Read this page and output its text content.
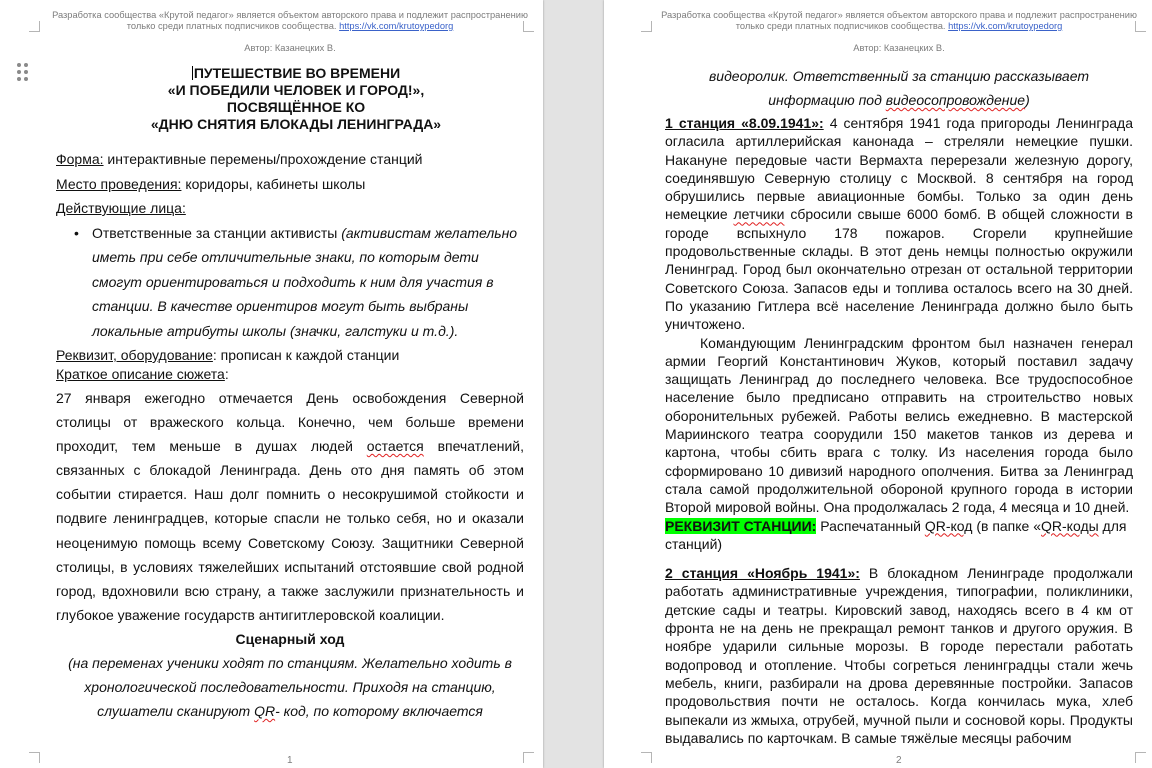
Разработка сообщества «Крутой педагог» является объектом авторского права и подлежит распространению
только среди платных подписчиков сообщества. https://vk.com/krutoypedorg
Автор: Казанецких В.
1
ПУТЕШЕСТВИЕ ВО ВРЕМЕНИ
«И ПОБЕДИЛИ ЧЕЛОВЕК И ГОРОД!»,
ПОСВЯЩЁННОЕ КО
«ДНЮ СНЯТИЯ БЛОКАДЫ ЛЕНИНГРАДА»

Форма: интерактивные перемены/прохождение станций

Место проведения: коридоры, кабинеты школы

Действующие лица:

• Ответственные за станции активисты (активистам желательно иметь при себе отличительные знаки, по которым дети смогут ориентироваться и подходить к ним для участия в станции. В качестве ориентиров могут быть выбраны локальные атрибуты школы (значки, галстуки и т.д.).

Реквизит, оборудование: прописан к каждой станции

Краткое описание сюжета:

27 января ежегодно отмечается День освобождения Северной столицы от вражеского кольца. Конечно, чем больше времени проходит, тем меньше в душах людей остается впечатлений, связанных с блокадой Ленинграда. День ото дня память об этом событии стирается. Наш долг помнить о несокрушимой стойкости и подвиге ленинградцев, которые спасли не только себя, но и оказали неоценимую помощь всему Советскому Союзу. Защитники Северной столицы, в условиях тяжелейших испытаний отстоявшие свой родной город, вдохновили всю страну, а также заслужили признательность и глубокое уважение государств антигитлеровской коалиции.

Сценарный ход

(на переменах ученики ходят по станциям. Желательно ходить в хронологической последовательности. Приходя на станцию, слушатели сканируют QR- код, по которому включается

Разработка сообщества «Крутой педагог» является объектом авторского права и подлежит распространению
только среди платных подписчиков сообщества. https://vk.com/krutoypedorg
Автор: Казанецких В.
2

видеоролик. Ответственный за станцию рассказывает информацию под видеосопровождение)

1 станция «8.09.1941»: 4 сентября 1941 года пригороды Ленинграда огласила артиллерийская канонада – стреляли немецкие пушки. Накануне передовые части Вермахта перерезали железную дорогу, соединявшую Северную столицу с Москвой. 8 сентября на город обрушились первые авиационные бомбы. Только за один день немецкие летчики сбросили свыше 6000 бомб. В общей сложности в городе вспыхнуло 178 пожаров. Сгорели крупнейшие продовольственные склады. В этот день немцы полностью окружили Ленинград. Город был окончательно отрезан от остальной территории Советского Союза. Запасов еды и топлива осталось всего на 30 дней. По указанию Гитлера всё население Ленинграда должно было быть уничтожено.

Командующим Ленинградским фронтом был назначен генерал армии Георгий Константинович Жуков, который поставил задачу защищать Ленинград до последнего человека. Все трудоспособное население было предписано отправить на строительство новых оборонительных рубежей. Работы велись ежедневно. В мастерской Мариинского театра соорудили 150 макетов танков из дерева и картона, чтобы сбить врага с толку. Из населения города было сформировано 10 дивизий народного ополчения. Битва за Ленинград стала самой продолжительной обороной крупного города в истории Второй мировой войны. Она продолжалась 2 года, 4 месяца и 10 дней.

РЕКВИЗИТ СТАНЦИИ: Распечатанный QR-код (в папке «QR-коды для станций)

2 станция «Ноябрь 1941»: В блокадном Ленинграде продолжали работать административные учреждения, типографии, поликлиники, детские сады и театры. Кировский завод, находясь всего в 4 км от фронта не на день не прекращал ремонт танков и другого оружия. В ноябре ударили сильные морозы. В городе перестали работать водопровод и отопление. Чтобы согреться ленинградцы стали жечь мебель, книги, разбирали на дрова деревянные постройки. Запасов продовольствия почти не осталось. Когда кончилась мука, хлеб выпекали из жмыха, отрубей, мучной пыли и сосновой коры. Продукты выдавались по карточкам. В самые тяжёлые месяцы рабочим
